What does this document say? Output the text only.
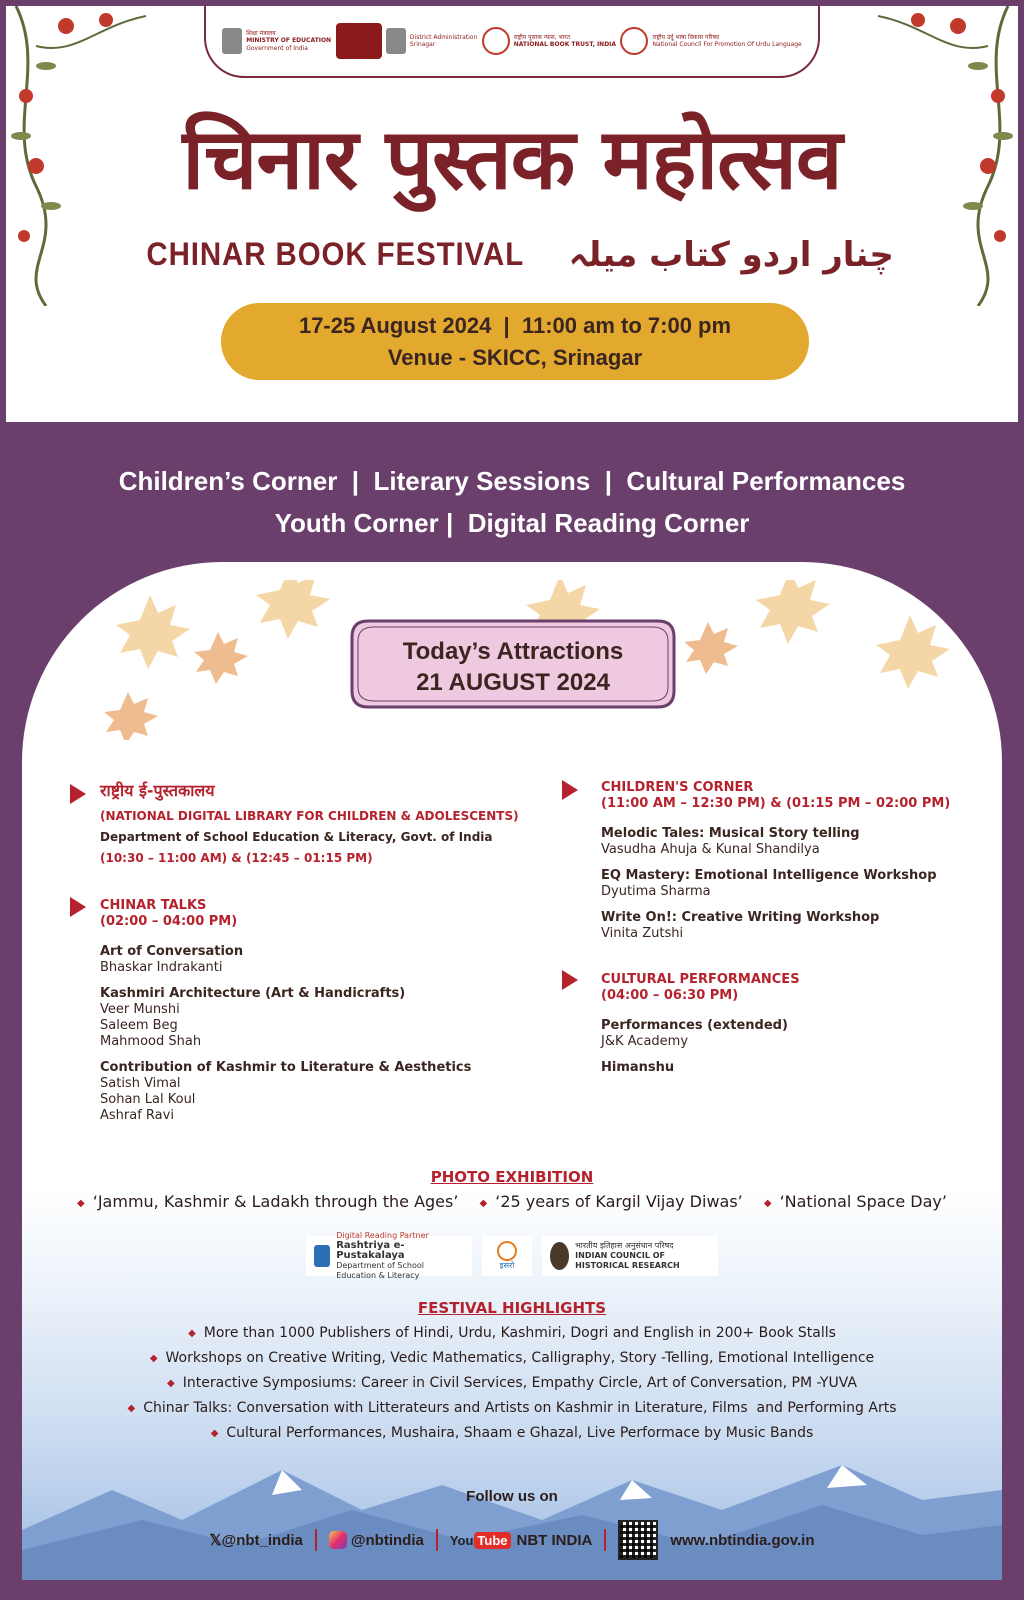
शिक्षा मंत्रालय
MINISTRY OF EDUCATION
Government of India
District Administration
Srinagar
राष्ट्रीय पुस्तक न्यास, भारत
NATIONAL BOOK TRUST, INDIA
राष्ट्रीय उर्दू भाषा विकास परिषद
National Council For Promotion Of Urdu Language
चिनार पुस्तक महोत्सव
CHINAR BOOK FESTIVAL چنار اردو کتاب میلہ
17-25 August 2024  |  11:00 am to 7:00 pm
Venue - SKICC, Srinagar
Children’s Corner  |  Literary Sessions  |  Cultural Performances
Youth Corner |  Digital Reading Corner
Today’s Attractions
21 AUGUST 2024
राष्ट्रीय ई-पुस्तकालय
(NATIONAL DIGITAL LIBRARY FOR CHILDREN & ADOLESCENTS)
Department of School Education & Literacy, Govt. of India
(10:30 – 11:00 AM) & (12:45 – 01:15 PM)
CHINAR TALKS
(02:00 – 04:00 PM)
Art of Conversation
Bhaskar Indrakanti
Kashmiri Architecture (Art & Handicrafts)
Veer Munshi
Saleem Beg
Mahmood Shah
Contribution of Kashmir to Literature & Aesthetics
Satish Vimal
Sohan Lal Koul
Ashraf Ravi
CHILDREN'S CORNER
(11:00 AM – 12:30 PM) & (01:15 PM – 02:00 PM)
Melodic Tales: Musical Story telling
Vasudha Ahuja & Kunal Shandilya
EQ Mastery: Emotional Intelligence Workshop
Dyutima Sharma
Write On!: Creative Writing Workshop
Vinita Zutshi
CULTURAL PERFORMANCES
(04:00 – 06:30 PM)
Performances (extended)
J&K Academy
Himanshu
PHOTO EXHIBITION
◆ ‘Jammu, Kashmir & Ladakh through the Ages’ ◆ ‘25 years of Kargil Vijay Diwas’ ◆ ‘National Space Day’
Digital Reading Partner
Rashtriya e-Pustakalaya
Department of School Education & Literacy
इसरो
भारतीय इतिहास अनुसंधान परिषद
INDIAN COUNCIL OF HISTORICAL RESEARCH
FESTIVAL HIGHLIGHTS
◆ More than 1000 Publishers of Hindi, Urdu, Kashmiri, Dogri and English in 200+ Book Stalls
◆ Workshops on Creative Writing, Vedic Mathematics, Calligraphy, Story -Telling, Emotional Intelligence
◆ Interactive Symposiums: Career in Civil Services, Empathy Circle, Art of Conversation, PM -YUVA
◆ Chinar Talks: Conversation with Litterateurs and Artists on Kashmir in Literature, Films  and Performing Arts
◆ Cultural Performances, Mushaira, Shaam e Ghazal, Live Performace by Music Bands
Follow us on
𝕏@nbt_india	@nbtindia You Tube NBT INDIA	www.nbtindia.gov.in
